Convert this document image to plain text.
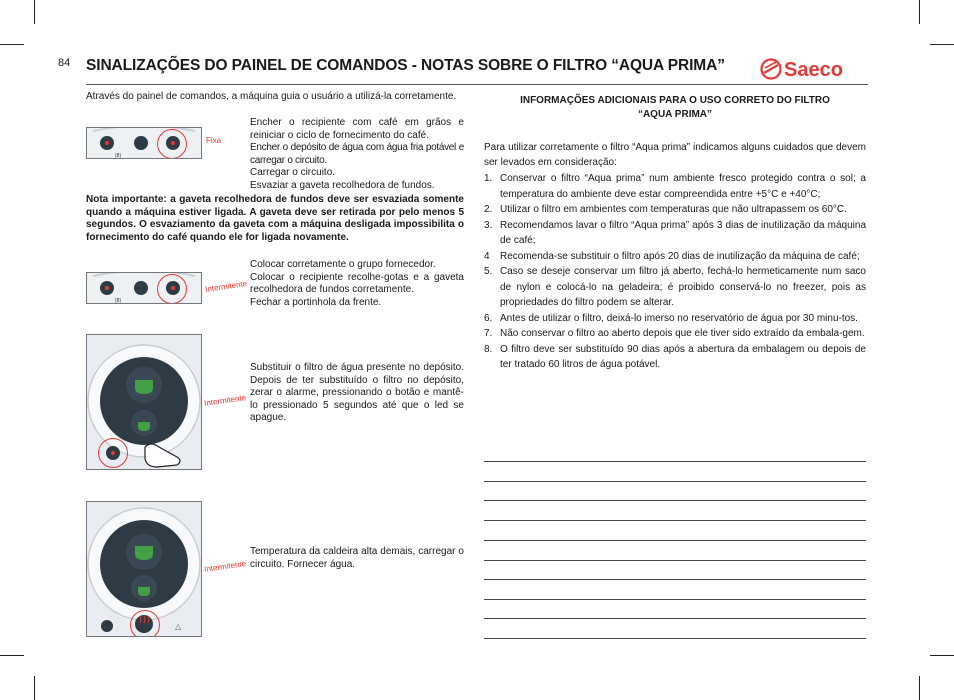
84 SINALIZAÇÕES DO PAINEL DE COMANDOS - NOTAS SOBRE O FILTRO “AQUA PRIMA”	Saeco
Através do painel de comandos, a máquina guia o usuário a utilizá-la corretamente.
(8)
Fixa
Encher o recipiente com café em grãos e reiniciar o ciclo de fornecimento do café.
Encher o depósito de água com água fria potável e carregar o circuito.
Carregar o circuito.
Esvaziar a gaveta recolhedora de fundos.
Nota importante: a gaveta recolhedora de fundos deve ser esvaziada somente quando a máquina estiver ligada. A gaveta deve ser retirada por pelo menos 5 segundos. O esvaziamento da gaveta com a máquina desligada impossibilita o fornecimento do café quando ele for ligada novamente.
(8)
Intermitente
Colocar corretamente o grupo fornecedor.
Colocar o recipiente recolhe-gotas e a gaveta recolhedora de fundos corretamente.
Fechar a portinhola da frente.
Intermitente
Substituir o filtro de água presente no depósito. Depois de ter substituído o filtro no depósito, zerar o alarme, pressionando o botão e mantê-lo pressionado 5 segundos até que o led se apague.
△
Intermitente
Temperatura da caldeira alta demais, carregar o circuito. Fornecer água.
INFORMAÇÕES ADICIONAIS PARA O USO CORRETO DO FILTRO
“AQUA PRIMA”
Para utilizar corretamente o filtro “Aqua prima” indicamos alguns cuidados que devem ser levados em consideração:
1. Conservar o filtro “Aqua prima” num ambiente fresco protegido contra o sol; a temperatura do ambiente deve estar compreendida entre +5°C e +40°C;
2. Utilizar o filtro em ambientes com temperaturas que não ultrapassem os 60°C.
3. Recomendamos lavar o filtro “Aqua prima” após 3 dias de inutilização da máquina de café;
4	Recomenda-se substituir o filtro após 20 dias de inutilização da máquina de café;
5. Caso se deseje conservar um filtro já aberto, fechá-lo hermeticamente num saco de nylon e colocá-lo na geladeira; é proibido conservá-lo no freezer, pois as propriedades do filtro podem se alterar.
6. Antes de utilizar o filtro, deixá-lo imerso no reservatório de água por 30 minu-tos.
7. Não conservar o filtro ao aberto depois que ele tiver sido extraído da embala-gem.
8. O filtro deve ser substituído 90 dias após a abertura da embalagem ou depois de ter tratado 60 litros de água potável.
